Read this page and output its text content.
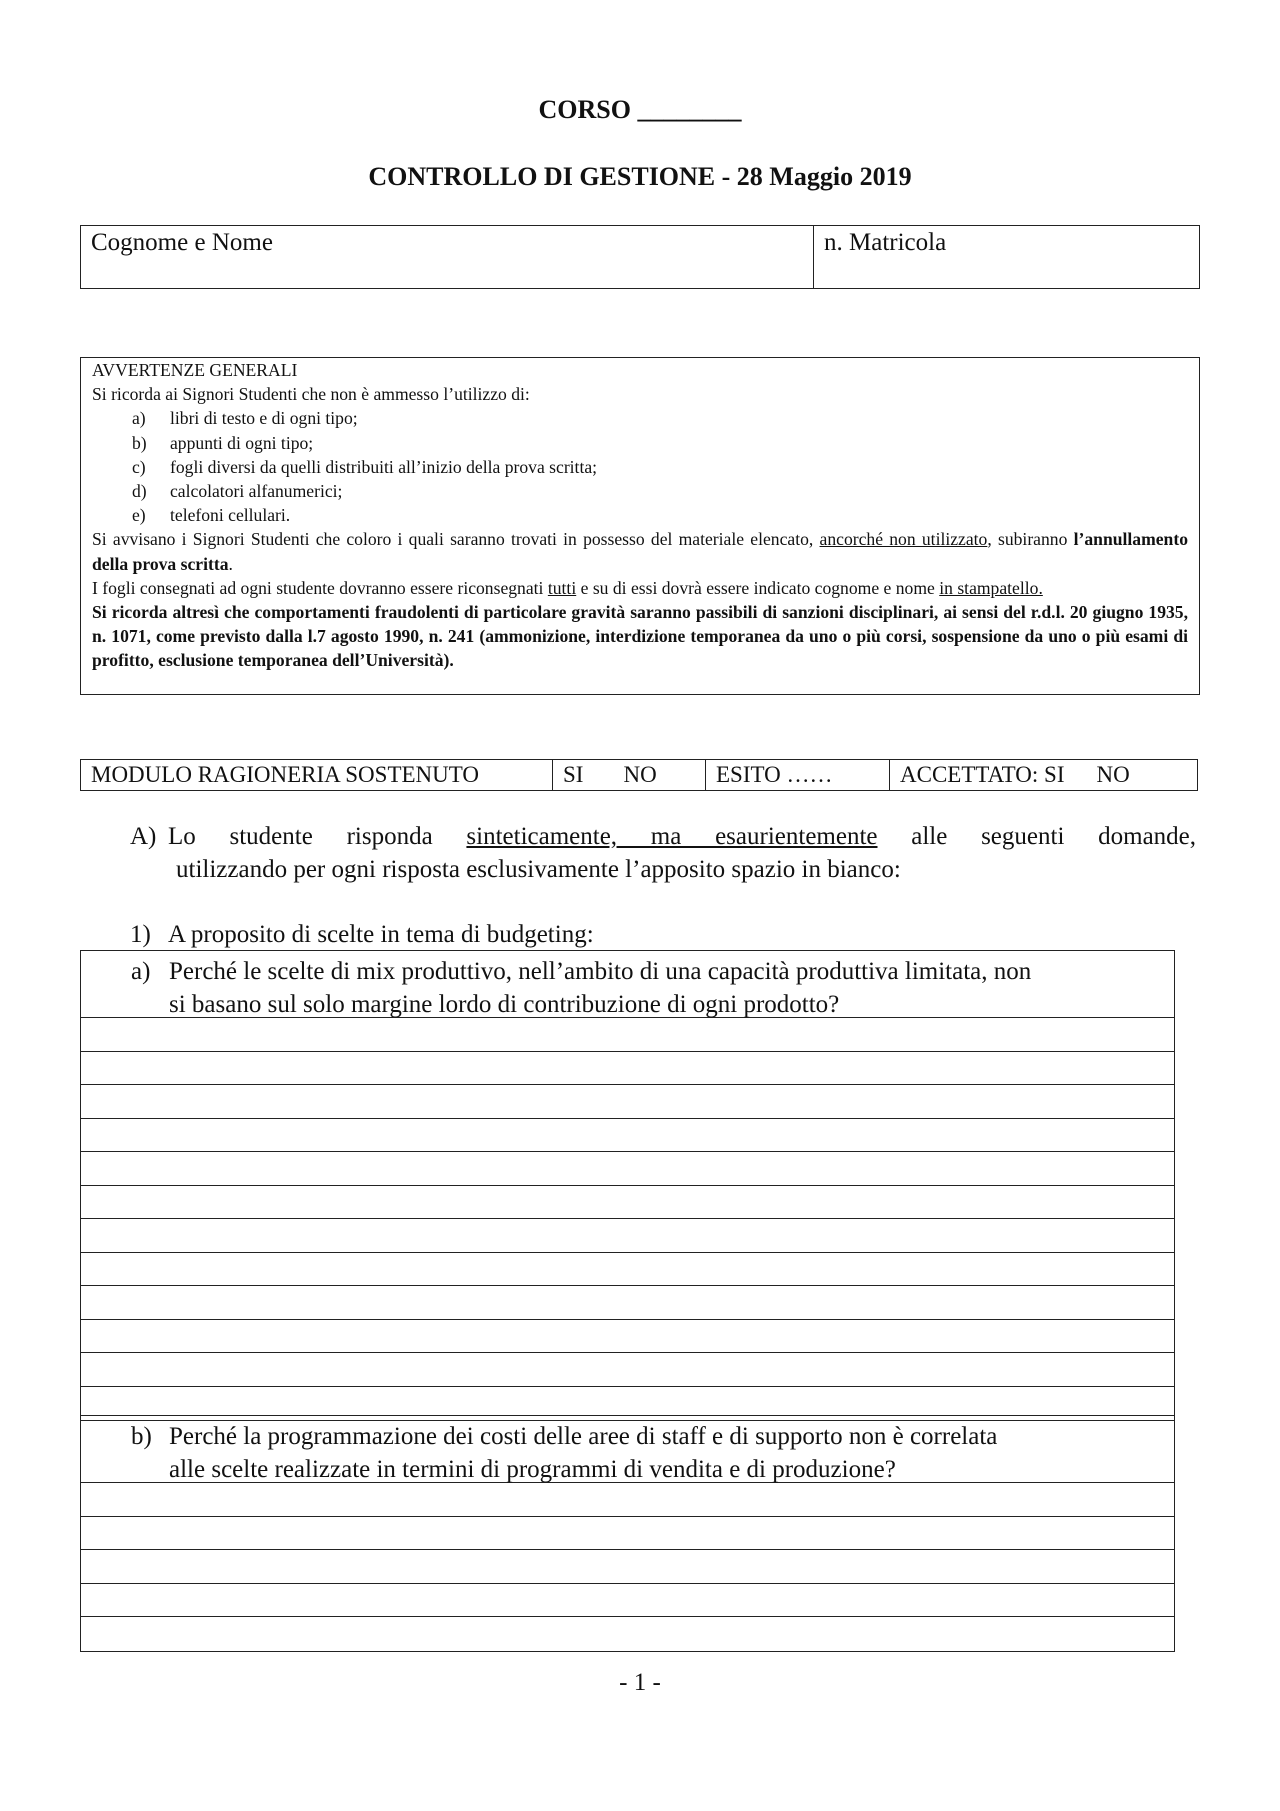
CORSO ________
CONTROLLO DI GESTIONE - 28 Maggio 2019
Cognome e Nome	n. Matricola

AVVERTENZE GENERALI

Si ricorda ai Signori Studenti che non è ammesso l’utilizzo di:

a)	libri di testo e di ogni tipo;
b)	appunti di ogni tipo;
c)	fogli diversi da quelli distribuiti all’inizio della prova scritta;
d)	calcolatori alfanumerici;
e)	telefoni cellulari.

Si avvisano i Signori Studenti che coloro i quali saranno trovati in possesso del materiale elencato, ancorché non utilizzato, subiranno l’annullamento della prova scritta.

I fogli consegnati ad ogni studente dovranno essere riconsegnati tutti e su di essi dovrà essere indicato cognome e nome in stampatello.

Si ricorda altresì che comportamenti fraudolenti di particolare gravità saranno passibili di sanzioni disciplinari, ai sensi del r.d.l. 20 giugno 1935, n. 1071, come previsto dalla l.7 agosto 1990, n. 241 (ammonizione, interdizione temporanea da uno o più corsi, sospensione da uno o più esami di profitto, esclusione temporanea dell’Università).

MODULO RAGIONERIA SOSTENUTO	SI NO	ESITO ……	ACCETTATO: SI NO
A) Lo studente risponda sinteticamente, ma esaurientemente alle seguenti domande,
utilizzando per ogni risposta esclusivamente l’apposito spazio in bianco:
1) A proposito di scelte in tema di budgeting:
a) Perché le scelte di mix produttivo, nell’ambito di una capacità produttiva limitata, non
si basano sul solo margine lordo di contribuzione di ogni prodotto?
b) Perché la programmazione dei costi delle aree di staff e di supporto non è correlata
alle scelte realizzate in termini di programmi di vendita e di produzione?
- 1 -
